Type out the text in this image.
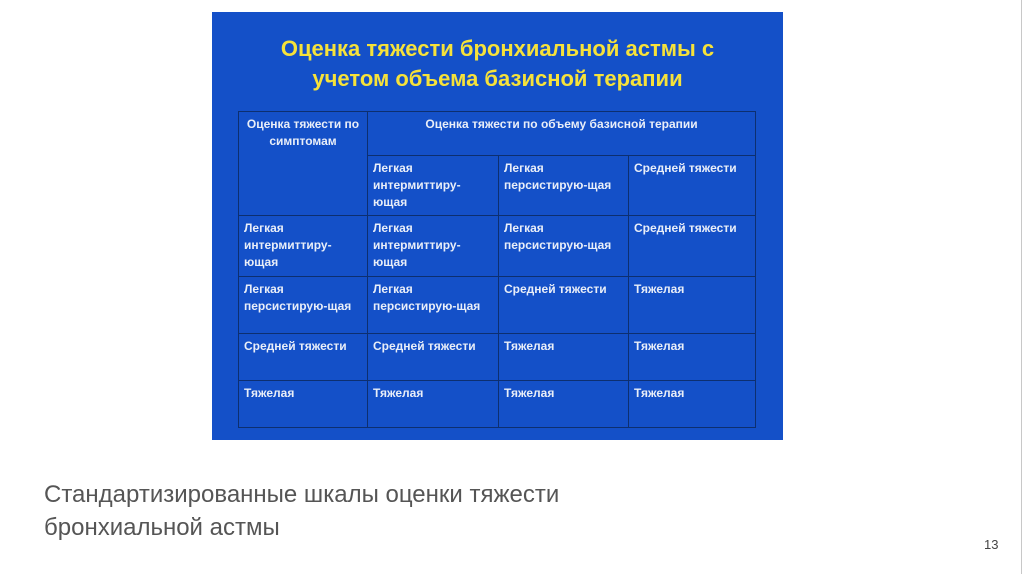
Оценка тяжести бронхиальной астмы с
учетом объема базисной терапии
Оценка тяжести по симптомам	Оценка тяжести по объему базисной терапии		
	Легкая интермиттиру-ющая	Легкая персистирую-щая	Средней тяжести
Легкая интермиттиру-ющая	Легкая интермиттиру-ющая	Легкая персистирую-щая	Средней тяжести
Легкая персистирую-щая	Легкая персистирую-щая	Средней тяжести	Тяжелая
Средней тяжести	Средней тяжести	Тяжелая	Тяжелая
Тяжелая	Тяжелая	Тяжелая	Тяжелая
Стандартизированные шкалы оценки тяжести
бронхиальной астмы
13
